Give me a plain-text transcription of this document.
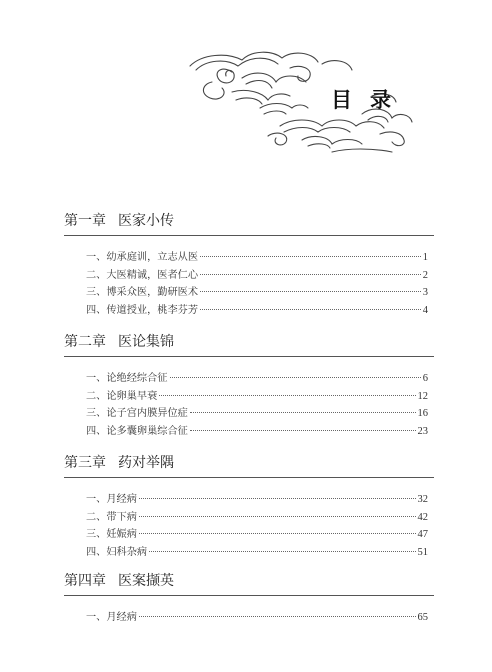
目录
第一章 医家小传
一、幼承庭训，立志从医	1
二、大医精诚，医者仁心	2
三、博采众医，勤研医术	3
四、传道授业，桃李芬芳	4
第二章 医论集锦
一、论绝经综合征	6
二、论卵巢早衰	12
三、论子宫内膜异位症	16
四、论多囊卵巢综合征	23
第三章 药对举隅
一、月经病	32
二、带下病	42
三、妊娠病	47
四、妇科杂病	51
第四章 医案撷英
一、月经病	65
